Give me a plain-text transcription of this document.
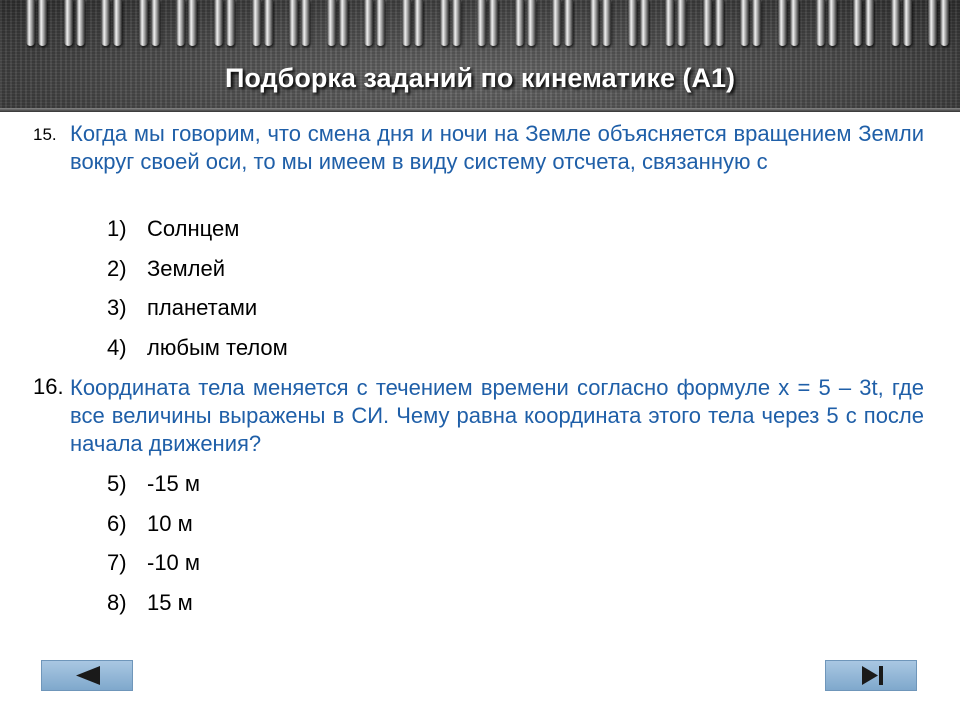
Подборка заданий по кинематике (А1)
15. Когда мы говорим, что смена дня и ночи на Земле объясняется вращением Земли вокруг своей оси, то мы имеем в виду систему отсчета, связанную с
1) Солнцем
2) Землей
3) планетами
4) любым телом
16. Координата тела меняется с течением времени согласно формуле x = 5 – 3t, где все величины выражены в СИ. Чему равна координата этого тела через 5 с после начала движения?
5) -15 м
6) 10 м
7) -10 м
8) 15 м
